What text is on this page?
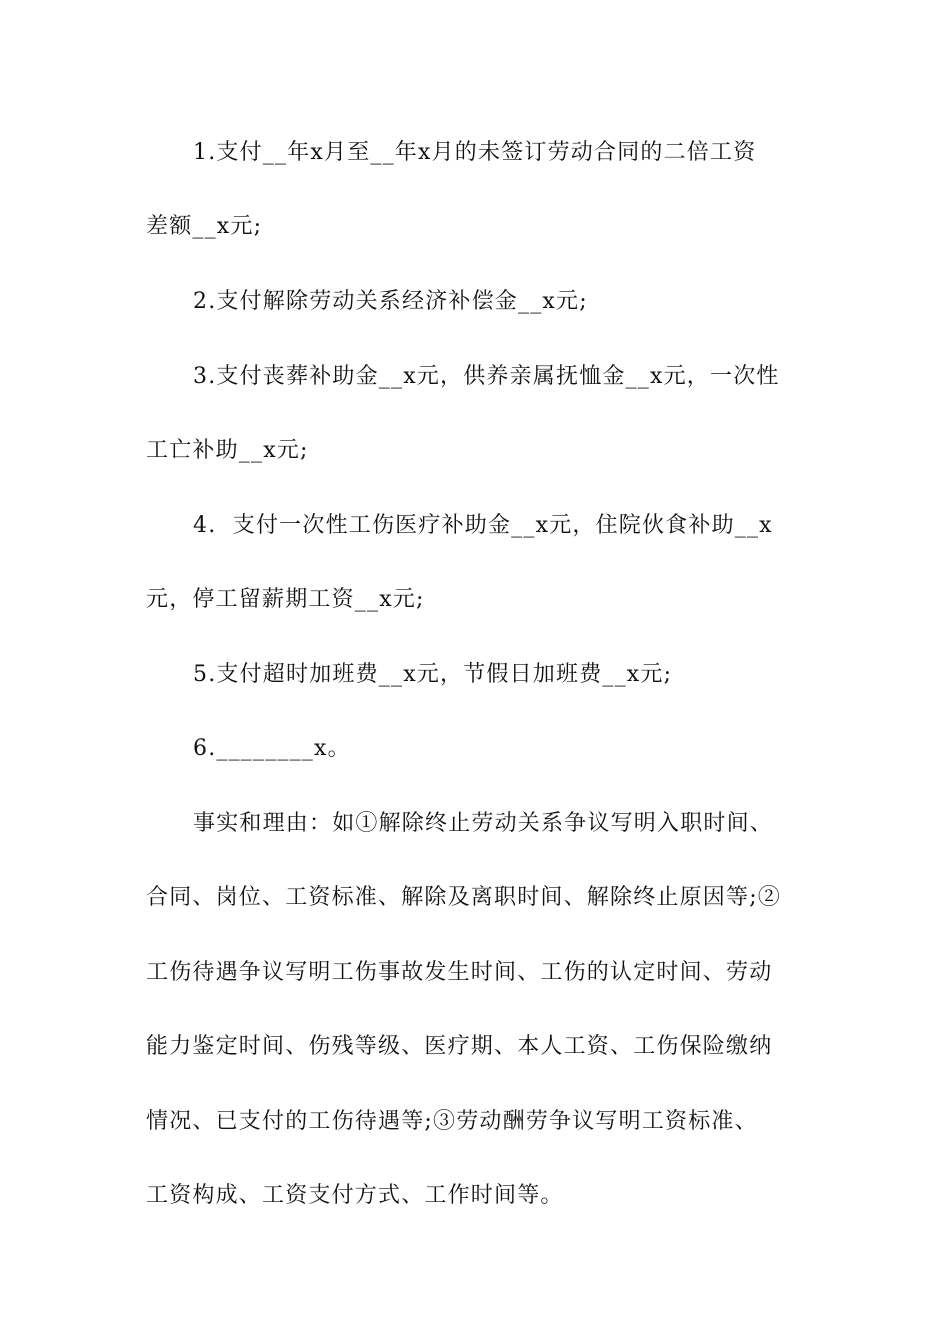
1.支付__年x月至__年x月的未签订劳动合同的二倍工资
差额__x元;
2.支付解除劳动关系经济补偿金__x元;
3.支付丧葬补助金__x元，供养亲属抚恤金__x元，一次性
工亡补助__x元;
4.  支付一次性工伤医疗补助金__x元，住院伙食补助__x
元，停工留薪期工资__x元;
5.支付超时加班费__x元，节假日加班费__x元;
6.________x。
事实和理由：如①解除终止劳动关系争议写明入职时间、
合同、岗位、工资标准、解除及离职时间、解除终止原因等;②
工伤待遇争议写明工伤事故发生时间、工伤的认定时间、劳动
能力鉴定时间、伤残等级、医疗期、本人工资、工伤保险缴纳
情况、已支付的工伤待遇等;③劳动酬劳争议写明工资标准、
工资构成、工资支付方式、工作时间等。
